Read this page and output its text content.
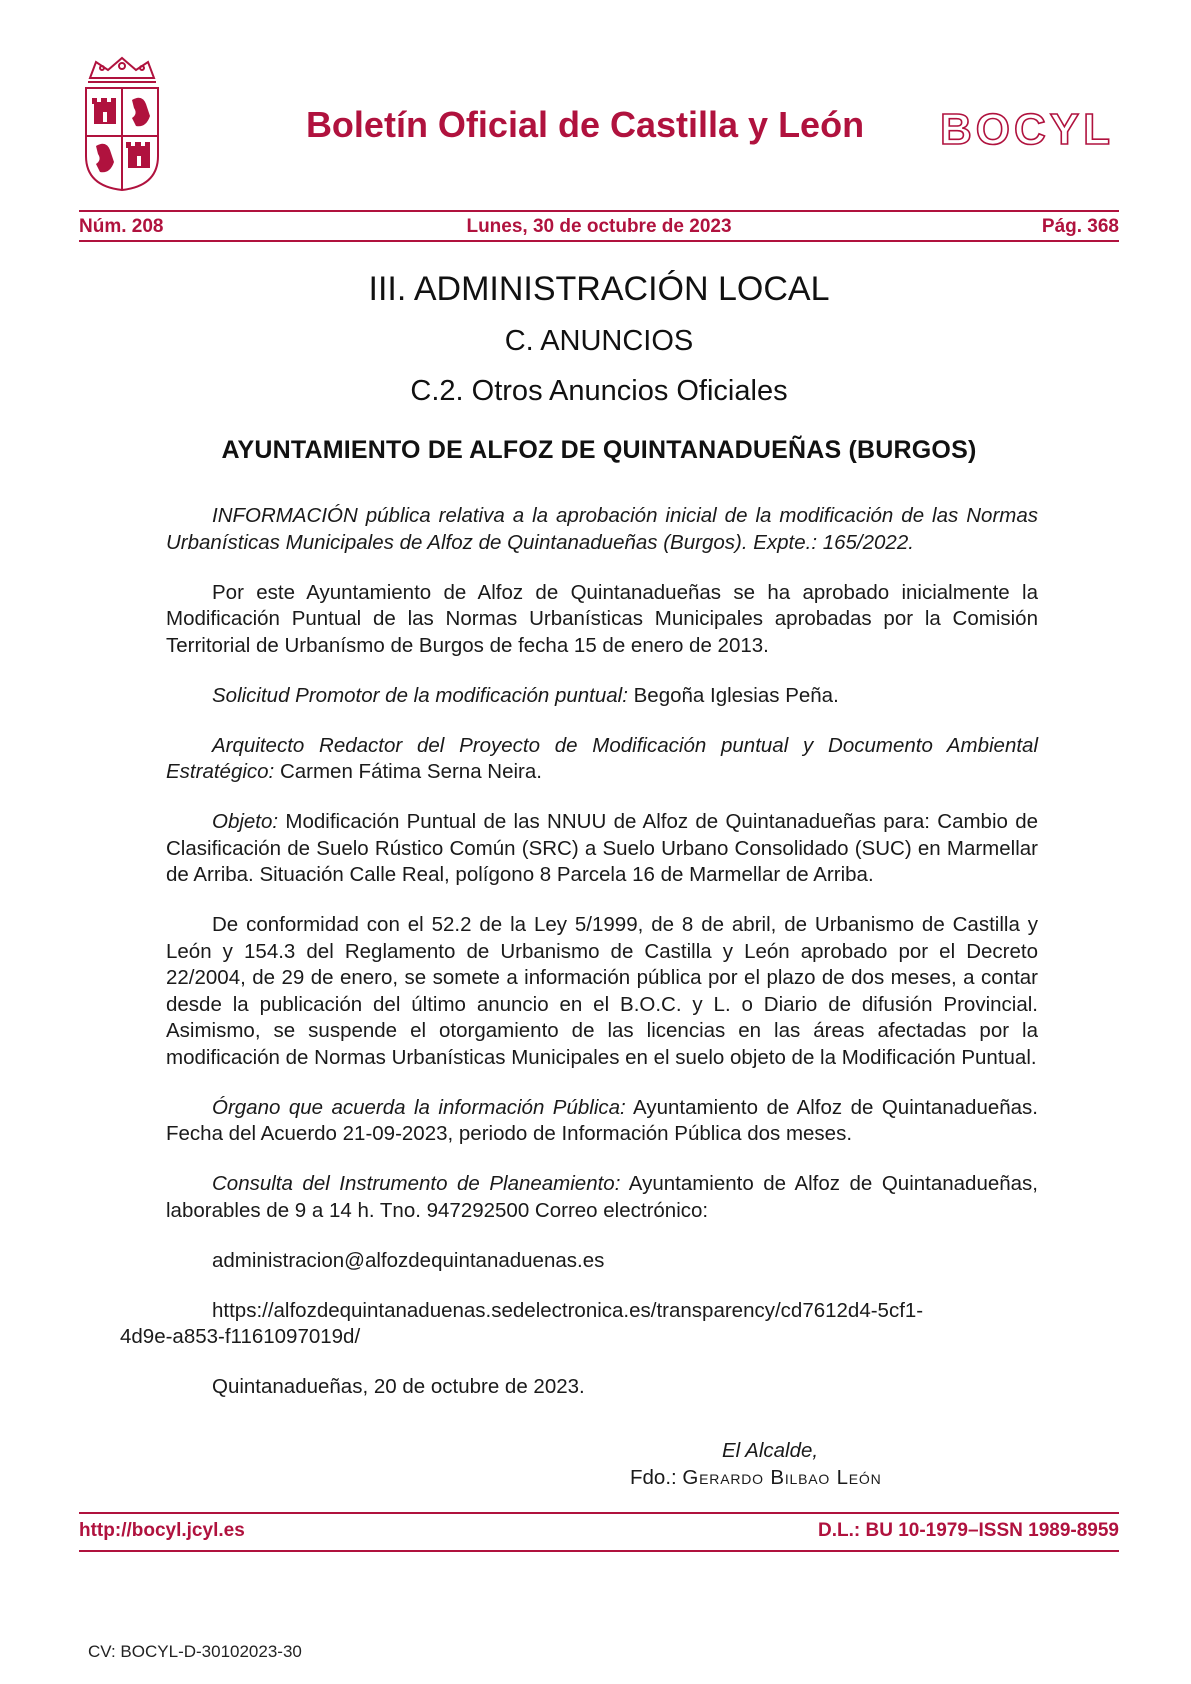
Boletín Oficial de Castilla y León	BOCYL
Núm. 208	Lunes, 30 de octubre de 2023	Pág. 368
III. ADMINISTRACIÓN LOCAL
C. ANUNCIOS
C.2. Otros Anuncios Oficiales
AYUNTAMIENTO DE ALFOZ DE QUINTANADUEÑAS (BURGOS)

INFORMACIÓN pública relativa a la aprobación inicial de la modificación de las Normas Urbanísticas Municipales de Alfoz de Quintanadueñas (Burgos). Expte.: 165/2022.

Por este Ayuntamiento de Alfoz de Quintanadueñas se ha aprobado inicialmente la Modificación Puntual de las Normas Urbanísticas Municipales aprobadas por la Comisión Territorial de Urbanísmo de Burgos de fecha 15 de enero de 2013.

Solicitud Promotor de la modificación puntual: Begoña Iglesias Peña.

Arquitecto Redactor del Proyecto de Modificación puntual y Documento Ambiental Estratégico: Carmen Fátima Serna Neira.

Objeto: Modificación Puntual de las NNUU de Alfoz de Quintanadueñas para: Cambio de Clasificación de Suelo Rústico Común (SRC) a Suelo Urbano Consolidado (SUC) en Marmellar de Arriba. Situación Calle Real, polígono 8 Parcela 16 de Marmellar de Arriba.

De conformidad con el 52.2 de la Ley 5/1999, de 8 de abril, de Urbanismo de Castilla y León y 154.3 del Reglamento de Urbanismo de Castilla y León aprobado por el Decreto 22/2004, de 29 de enero, se somete a información pública por el plazo de dos meses, a contar desde la publicación del último anuncio en el B.O.C. y L. o Diario de difusión Provincial. Asimismo, se suspende el otorgamiento de las licencias en las áreas afectadas por la modificación de Normas Urbanísticas Municipales en el suelo objeto de la Modificación Puntual.

Órgano que acuerda la información Pública: Ayuntamiento de Alfoz de Quintanadueñas. Fecha del Acuerdo 21-09-2023, periodo de Información Pública dos meses.

Consulta del Instrumento de Planeamiento: Ayuntamiento de Alfoz de Quintanadueñas, laborables de 9 a 14 h. Tno. 947292500 Correo electrónico:

administracion@alfozdequintanaduenas.es

https://alfozdequintanaduenas.sedelectronica.es/transparency/cd7612d4-5cf1-
4d9e-a853-f1161097019d/

Quintanadueñas, 20 de octubre de 2023.

El Alcalde,
Fdo.: Gerardo Bilbao León
http://bocyl.jcyl.es	D.L.: BU 10-1979–ISSN 1989-8959
CV: BOCYL-D-30102023-30
